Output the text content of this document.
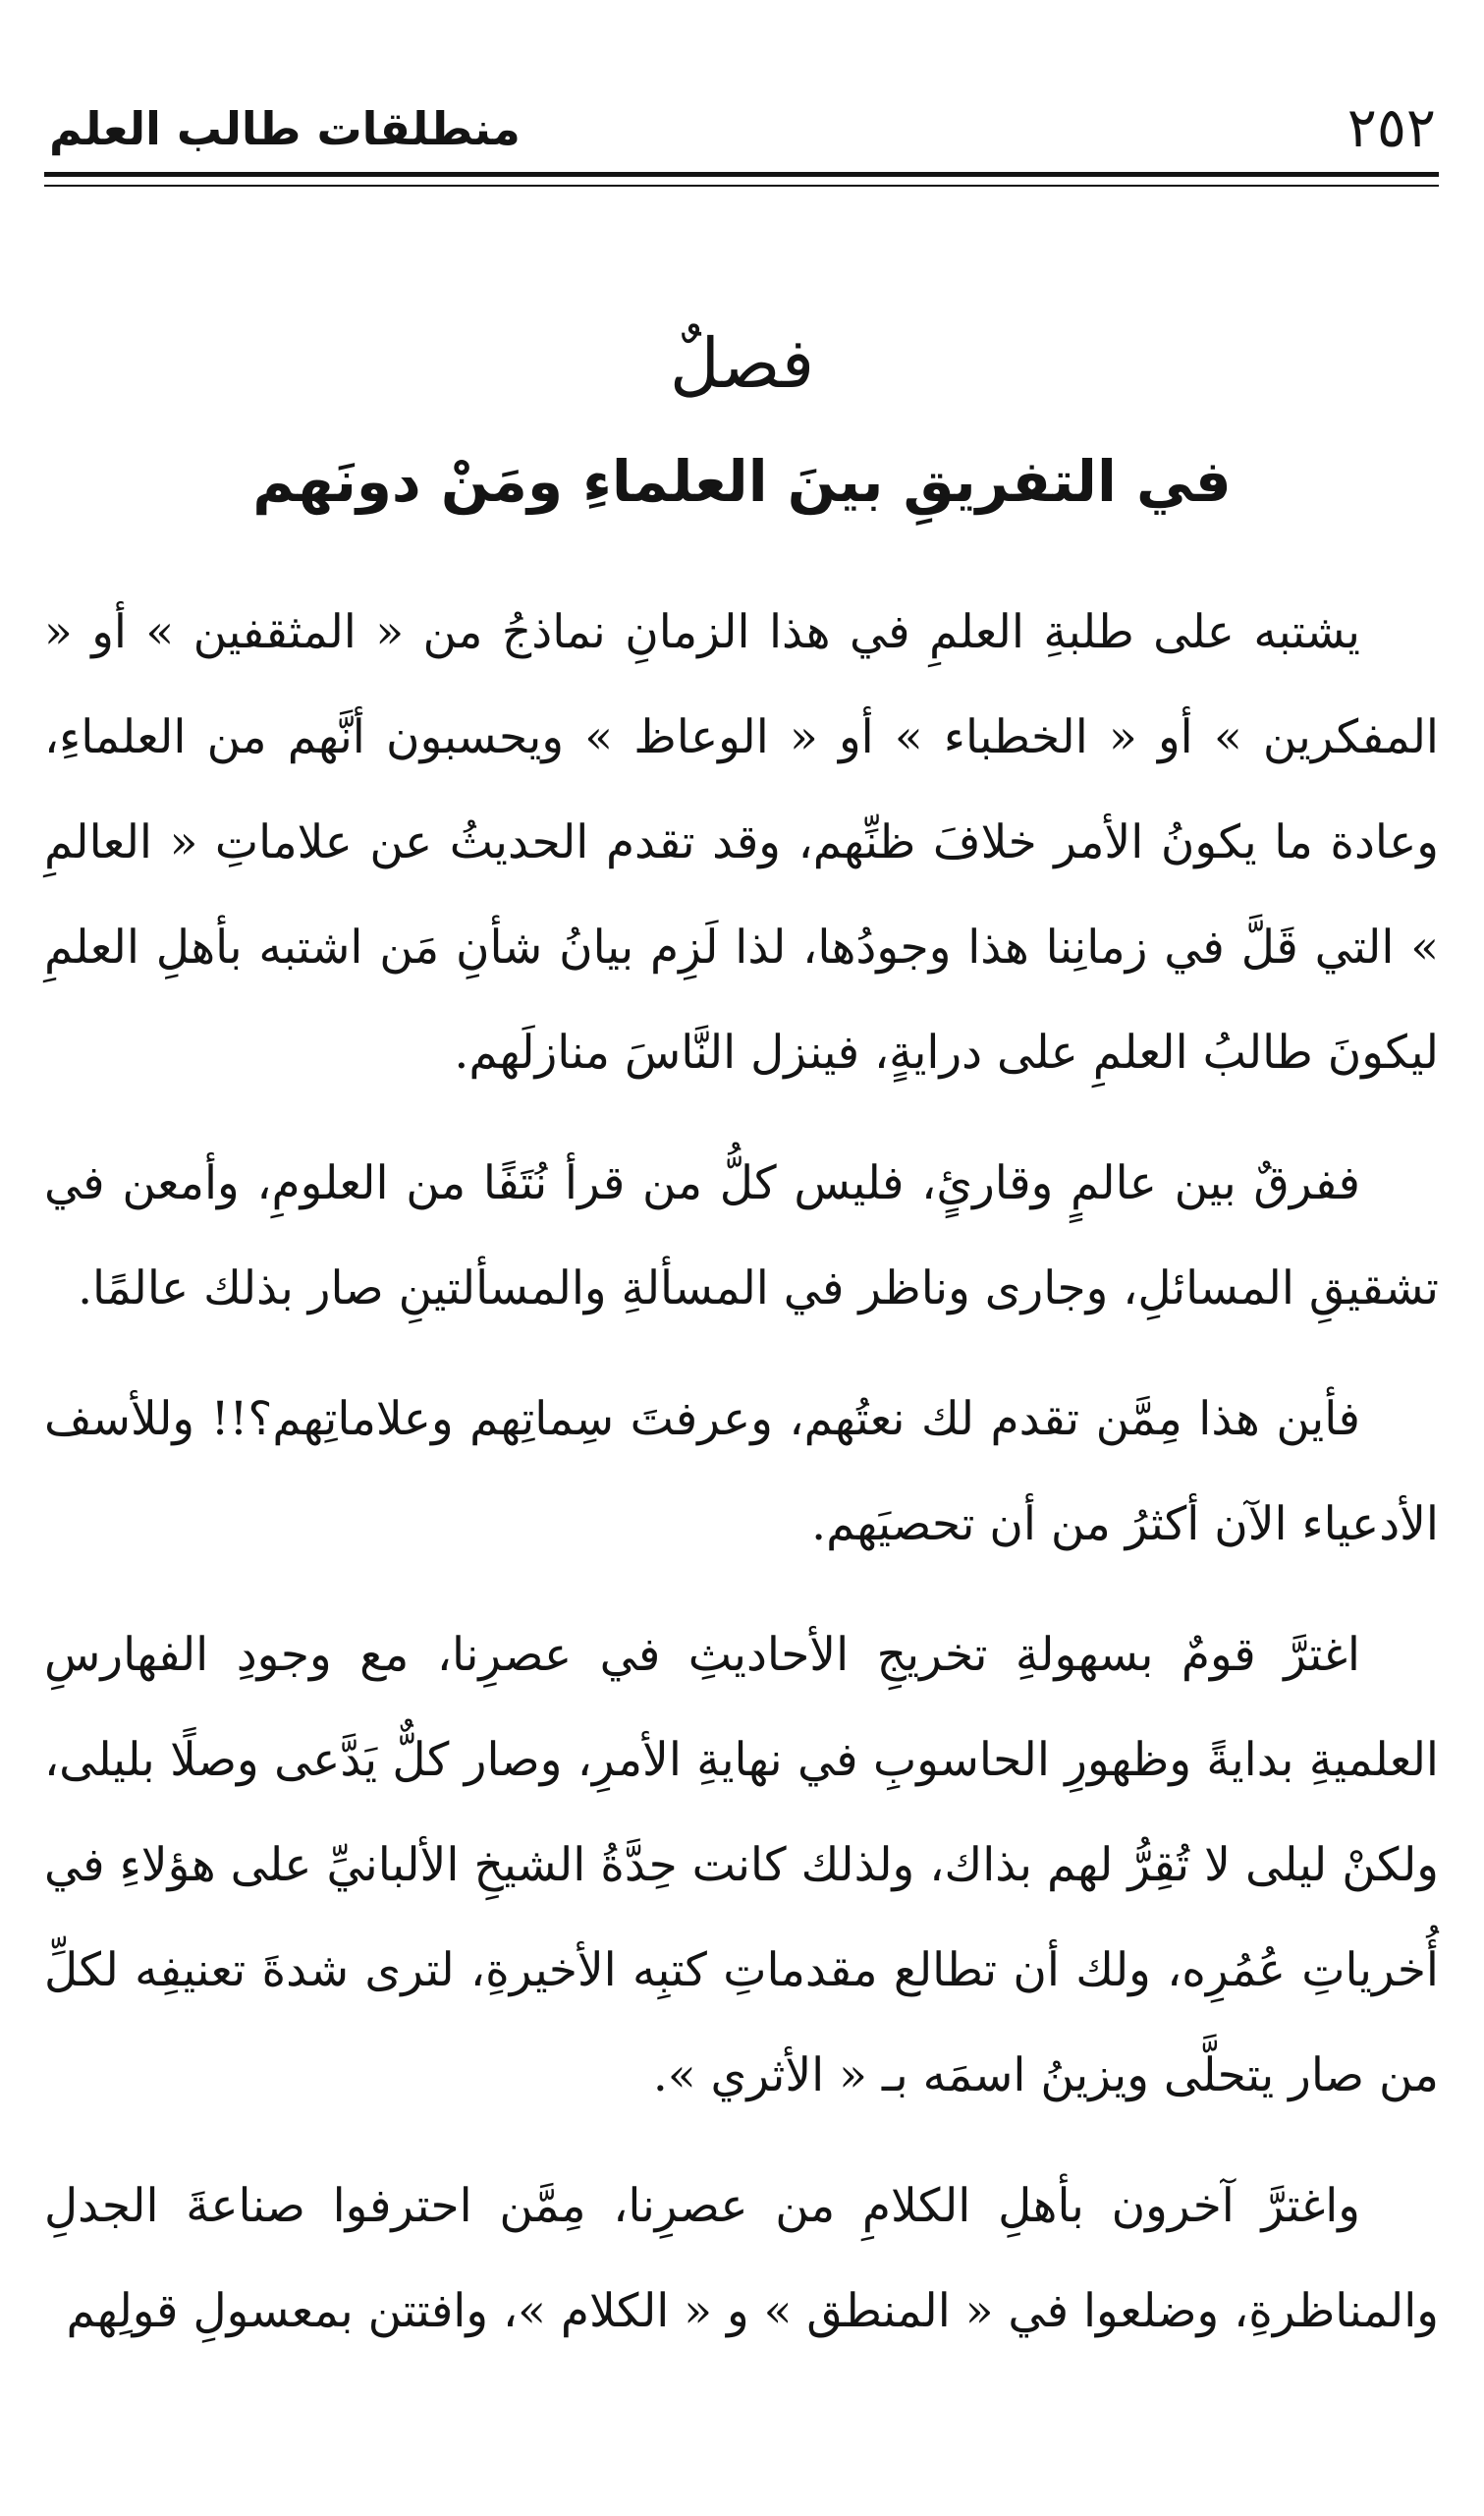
٢٥٢
منطلقات طالب العلم
فصلٌ
في التفريقِ بينَ العلماءِ ومَنْ دونَهم

يشتبه على طلبةِ العلمِ في هذا الزمانِ نماذجُ من « المثقفين » أو « المفكرين » أو « الخطباء » أو « الوعاظ » ويحسبون أنَّهم من العلماءِ، وعادة ما يكونُ الأمر خلافَ ظنِّهم، وقد تقدم الحديثُ عن علاماتِ « العالمِ » التي قَلَّ في زمانِنا هذا وجودُها، لذا لَزِم بيانُ شأنِ مَن اشتبه بأهلِ العلمِ ليكونَ طالبُ العلمِ على درايةٍ، فينزل النَّاسَ منازلَهم.

ففرقٌ بين عالمٍ وقارئٍ، فليس كلُّ من قرأ نُتَفًا من العلومِ، وأمعن في تشقيقِ المسائلِ، وجارى وناظر في المسألةِ والمسألتينِ صار بذلك عالمًا.

فأين هذا مِمَّن تقدم لك نعتُهم، وعرفتَ سِماتِهم وعلاماتِهم؟!! وللأسف الأدعياء الآن أكثرُ من أن تحصيَهم.

اغترَّ قومٌ بسهولةِ تخريجِ الأحاديثِ في عصرِنا، مع وجودِ الفهارسِ العلميةِ بدايةً وظهورِ الحاسوبِ في نهايةِ الأمرِ، وصار كلٌّ يَدَّعى وصلًا بليلى، ولكنْ ليلى لا تُقِرُّ لهم بذاك، ولذلك كانت حِدَّةُ الشيخِ الألبانيِّ على هؤلاءِ في أُخرياتِ عُمُرِه، ولك أن تطالع مقدماتِ كتبِه الأخيرةِ، لترى شدةَ تعنيفِه لكلِّ من صار يتحلَّى ويزينُ اسمَه بـ « الأثري ».

واغترَّ آخرون بأهلِ الكلامِ من عصرِنا، مِمَّن احترفوا صناعةَ الجدلِ والمناظرةِ، وضلعوا في « المنطق » و « الكلام »، وافتتن بمعسولِ قولِهم
